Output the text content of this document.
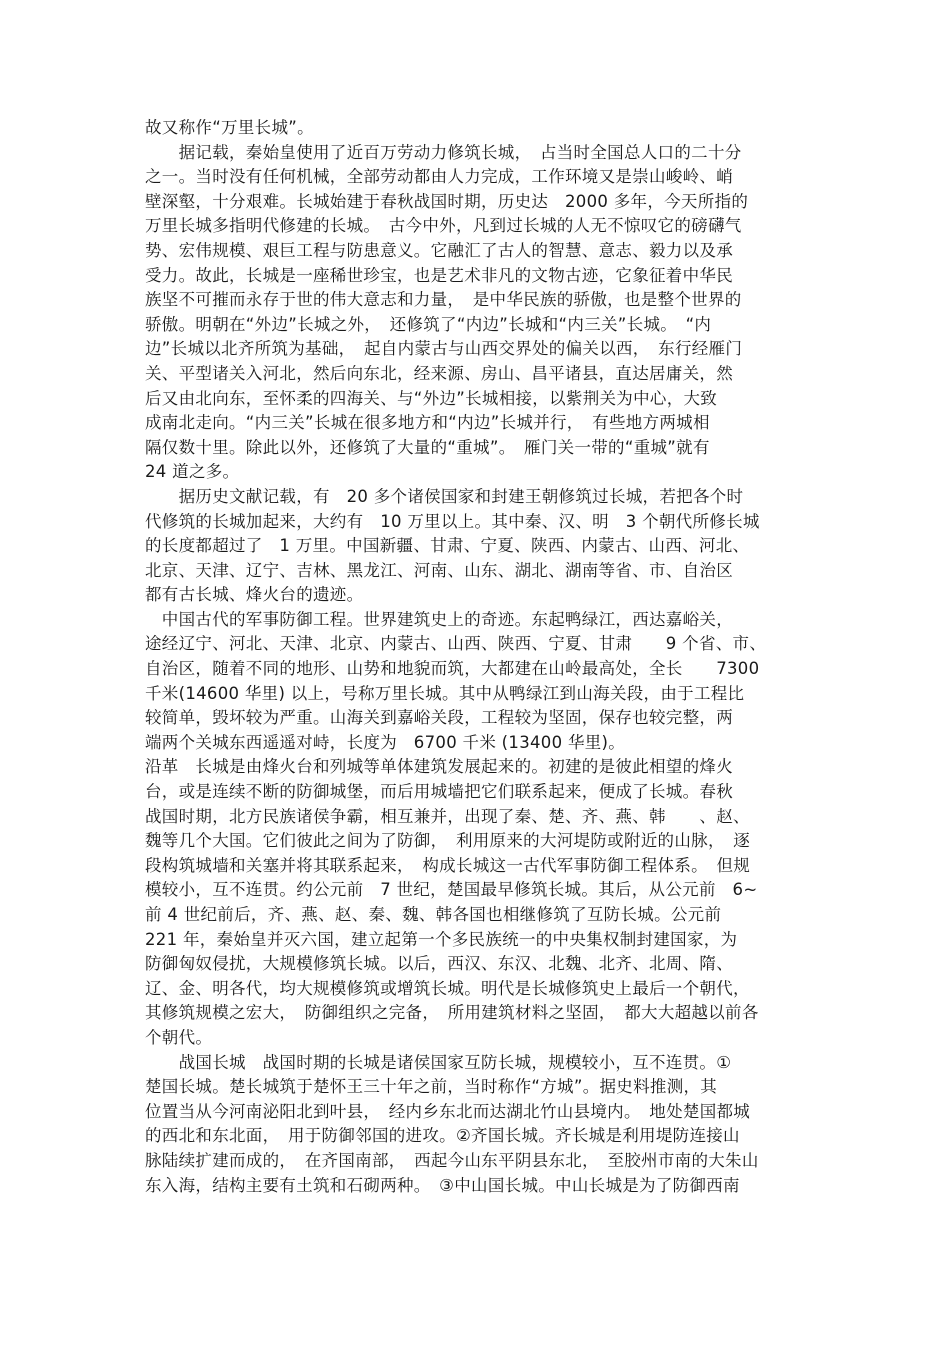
故又称作“万里长城”。
　　据记载，秦始皇使用了近百万劳动力修筑长城，　占当时全国总人口的二十分
之一。当时没有任何机械，全部劳动都由人力完成，工作环境又是崇山峻岭、峭
壁深壑，十分艰难。长城始建于春秋战国时期，历史达　2000 多年，今天所指的
万里长城多指明代修建的长城。　古今中外，凡到过长城的人无不惊叹它的磅礴气
势、宏伟规模、艰巨工程与防患意义。它融汇了古人的智慧、意志、毅力以及承
受力。故此，长城是一座稀世珍宝，也是艺术非凡的文物古迹，它象征着中华民
族坚不可摧而永存于世的伟大意志和力量，　是中华民族的骄傲，也是整个世界的
骄傲。明朝在“外边”长城之外，　还修筑了“内边”长城和“内三关”长城。　“内
边”长城以北齐所筑为基础，　起自内蒙古与山西交界处的偏关以西，　东行经雁门
关、平型诸关入河北，然后向东北，经来源、房山、昌平诸县，直达居庸关，然
后又由北向东，至怀柔的四海关、与“外边”长城相接，以紫荆关为中心，大致
成南北走向。“内三关”长城在很多地方和“内边”长城并行，　有些地方两城相
隔仅数十里。除此以外，还修筑了大量的“重城”。　雁门关一带的“重城”就有
24 道之多。
　　据历史文献记载，有　20 多个诸侯国家和封建王朝修筑过长城，若把各个时
代修筑的长城加起来，大约有　10 万里以上。其中秦、汉、明　3 个朝代所修长城
的长度都超过了　1 万里。中国新疆、甘肃、宁夏、陕西、内蒙古、山西、河北、
北京、天津、辽宁、吉林、黑龙江、河南、山东、湖北、湖南等省、市、自治区
都有古长城、烽火台的遗迹。
　中国古代的军事防御工程。世界建筑史上的奇迹。东起鸭绿江，西达嘉峪关，
途经辽宁、河北、天津、北京、内蒙古、山西、陕西、宁夏、甘肃　　9 个省、市、
自治区，随着不同的地形、山势和地貌而筑，大都建在山岭最高处，全长　　7300
千米(14600 华里) 以上，号称万里长城。其中从鸭绿江到山海关段，由于工程比
较简单，毁坏较为严重。山海关到嘉峪关段，工程较为坚固，保存也较完整，两
端两个关城东西遥遥对峙，长度为　6700 千米 (13400 华里)。
沿革　长城是由烽火台和列城等单体建筑发展起来的。初建的是彼此相望的烽火
台，或是连续不断的防御城堡，而后用城墙把它们联系起来，便成了长城。春秋
战国时期，北方民族诸侯争霸，相互兼并，出现了秦、楚、齐、燕、韩　　、赵、
魏等几个大国。它们彼此之间为了防御，　利用原来的大河堤防或附近的山脉，　逐
段构筑城墙和关塞并将其联系起来，　构成长城这一古代军事防御工程体系。　但规
模较小，互不连贯。约公元前　7 世纪，楚国最早修筑长城。其后，从公元前　6~
前 4 世纪前后，齐、燕、赵、秦、魏、韩各国也相继修筑了互防长城。公元前
221 年，秦始皇并灭六国，建立起第一个多民族统一的中央集权制封建国家，为
防御匈奴侵扰，大规模修筑长城。以后，西汉、东汉、北魏、北齐、北周、隋、
辽、金、明各代，均大规模修筑或增筑长城。明代是长城修筑史上最后一个朝代，
其修筑规模之宏大，　防御组织之完备，　所用建筑材料之坚固，　都大大超越以前各
个朝代。
　　战国长城　战国时期的长城是诸侯国家互防长城，规模较小，互不连贯。①
楚国长城。楚长城筑于楚怀王三十年之前，当时称作“方城”。据史料推测，其
位置当从今河南泌阳北到叶县，　经内乡东北而达湖北竹山县境内。　地处楚国都城
的西北和东北面，　用于防御邻国的进攻。②齐国长城。齐长城是利用堤防连接山
脉陆续扩建而成的，　在齐国南部，　西起今山东平阴县东北，　至胶州市南的大朱山
东入海，结构主要有土筑和石砌两种。　③中山国长城。中山长城是为了防御西南
